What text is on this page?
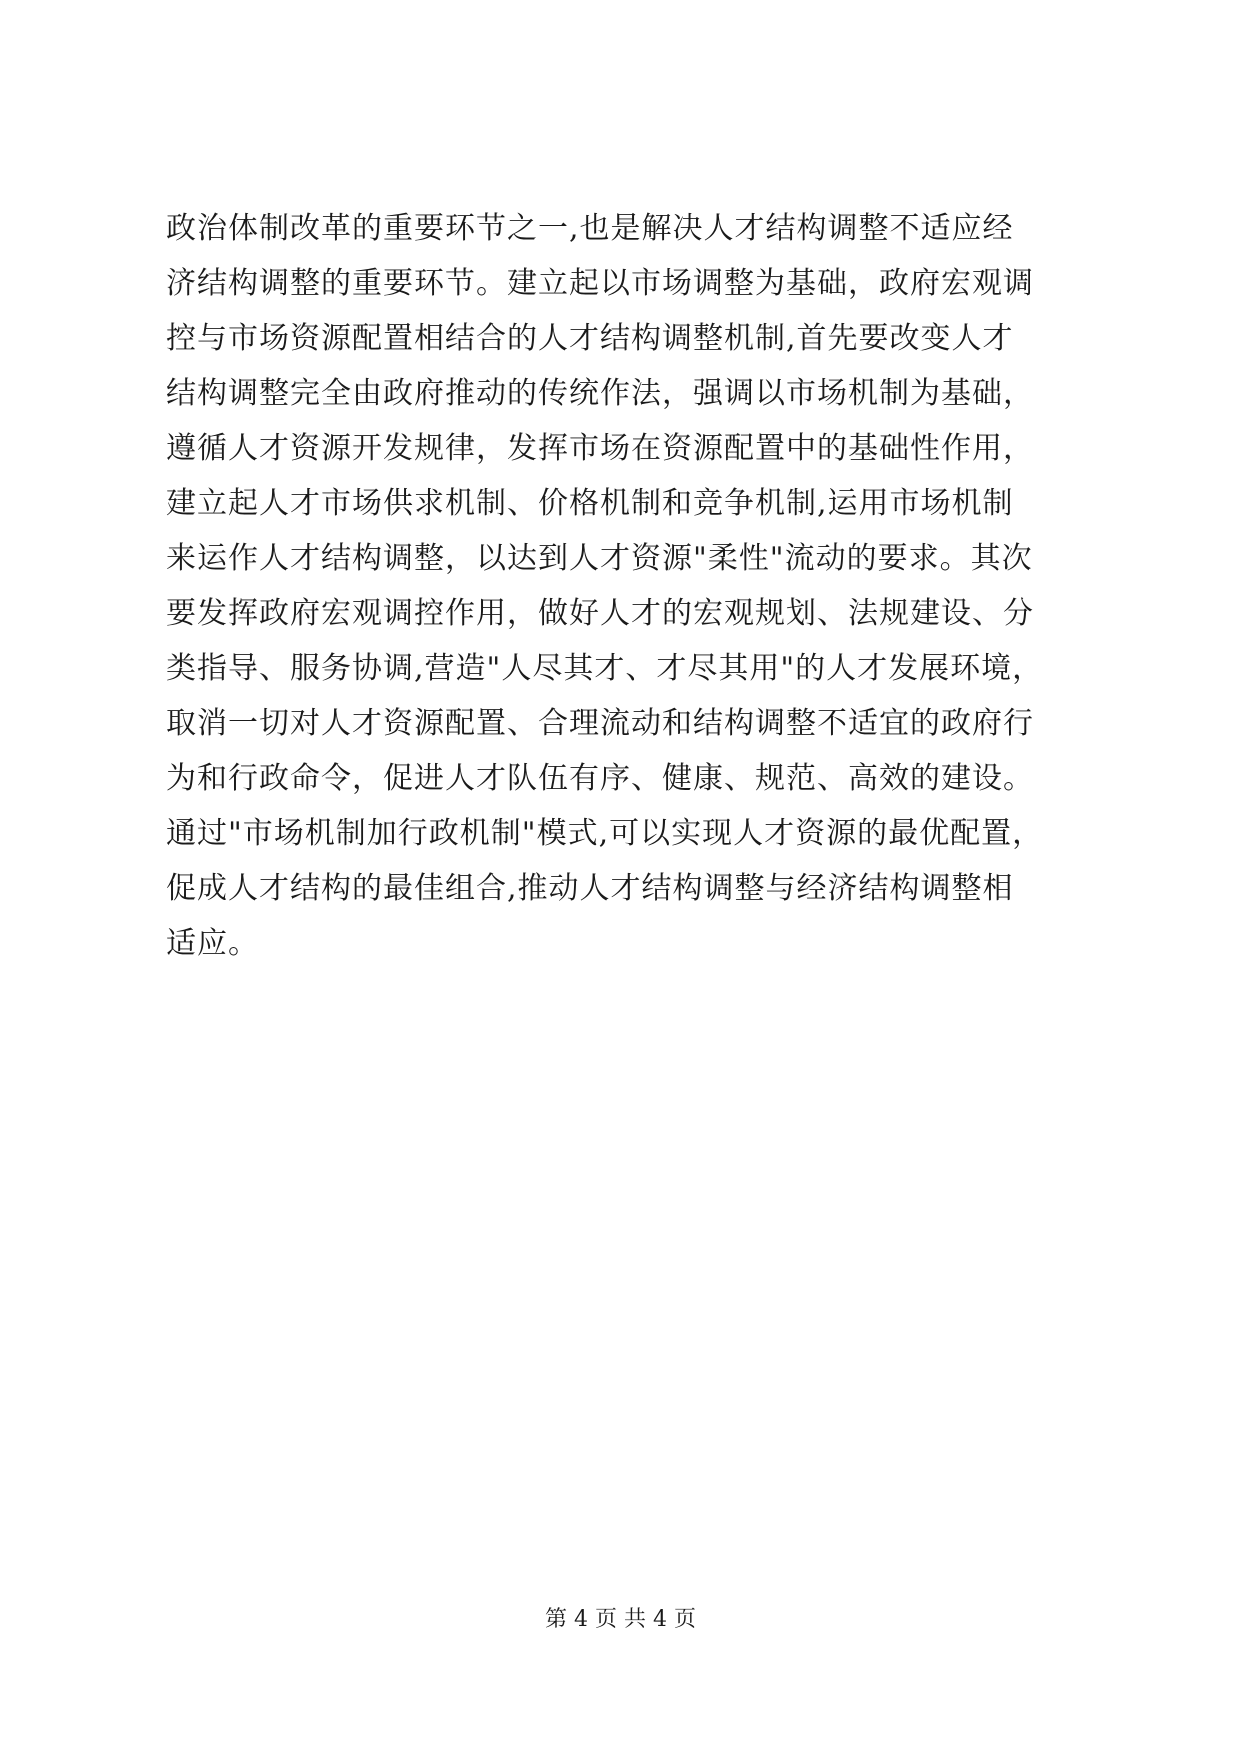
政治体制改革的重要环节之一,也是解决人才结构调整不适应经
济结构调整的重要环节。建立起以市场调整为基础，政府宏观调
控与市场资源配置相结合的人才结构调整机制,首先要改变人才
结构调整完全由政府推动的传统作法，强调以市场机制为基础，
遵循人才资源开发规律，发挥市场在资源配置中的基础性作用，
建立起人才市场供求机制、价格机制和竞争机制,运用市场机制
来运作人才结构调整，以达到人才资源"柔性"流动的要求。其次
要发挥政府宏观调控作用，做好人才的宏观规划、法规建设、分
类指导、服务协调,营造"人尽其才、才尽其用"的人才发展环境，
取消一切对人才资源配置、合理流动和结构调整不适宜的政府行
为和行政命令，促进人才队伍有序、健康、规范、高效的建设。
通过"市场机制加行政机制"模式,可以实现人才资源的最优配置，
促成人才结构的最佳组合,推动人才结构调整与经济结构调整相
适应。
第 4 页 共 4 页
